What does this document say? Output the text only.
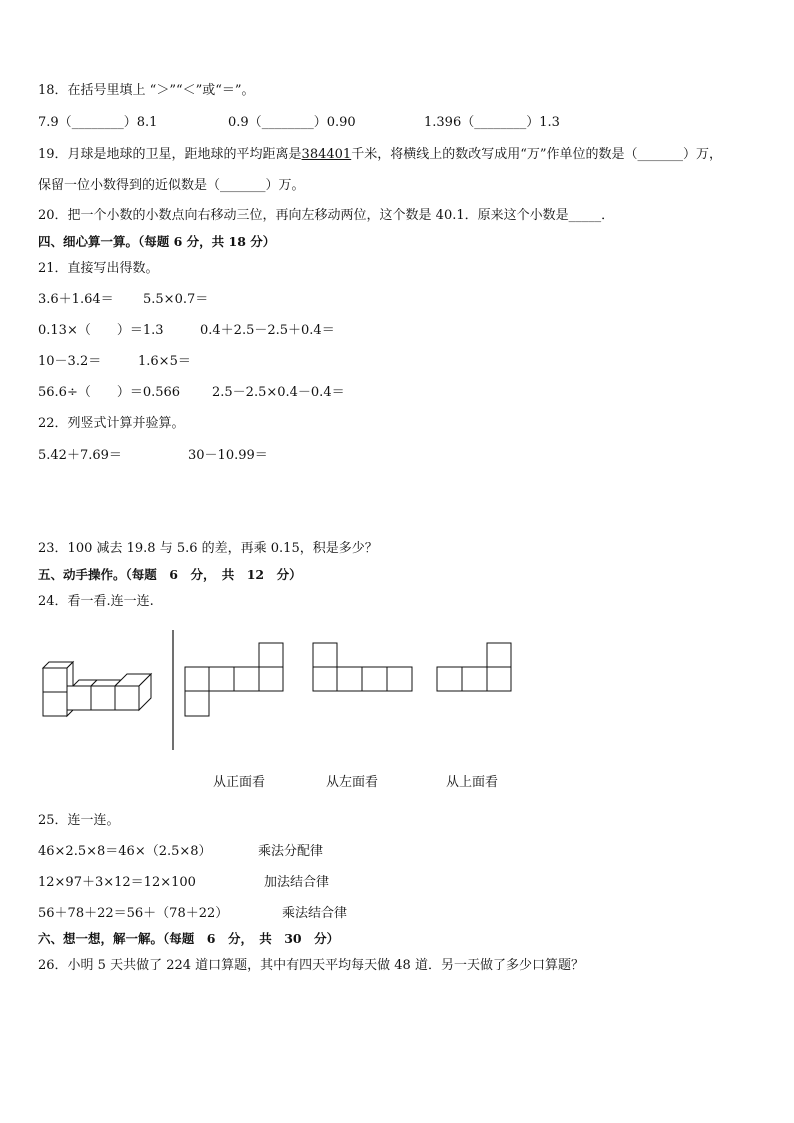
18．在括号里填上 “＞”“＜”或“＝”。
7.9（________）8.1	0.9（________）0.90	1.396（________）1.3
19．月球是地球的卫星，距地球的平均距离是384401千米，将横线上的数改写成用“万”作单位的数是（_______）万，
保留一位小数得到的近似数是（_______）万。
20．把一个小数的小数点向右移动三位，再向左移动两位，这个数是 40.1．原来这个小数是_____．
四、细心算一算。（每题 6 分，共 18 分）
21．直接写出得数。
3.6＋1.64＝ 5.5×0.7＝
0.13×（　　）＝1.3	0.4＋2.5－2.5＋0.4＝
10－3.2＝	1.6×5＝
56.6÷（　　）＝0.566 2.5－2.5×0.4－0.4＝
22．列竖式计算并验算。
5.42＋7.69＝	30－10.99＝
23．100 减去 19.8 与 5.6 的差，再乘 0.15，积是多少？
五、动手操作。（每题　6　分，　共　12　分）
24．看一看.连一连.
从正面看	从左面看	从上面看
25．连一连。
46×2.5×8＝46×（2.5×8）	乘法分配律
12×97＋3×12＝12×100	加法结合律
56＋78＋22＝56＋（78＋22）	乘法结合律
六、想一想，解一解。（每题　6　分，　共　30　分）
26．小明 5 天共做了 224 道口算题，其中有四天平均每天做 48 道．另一天做了多少口算题？
